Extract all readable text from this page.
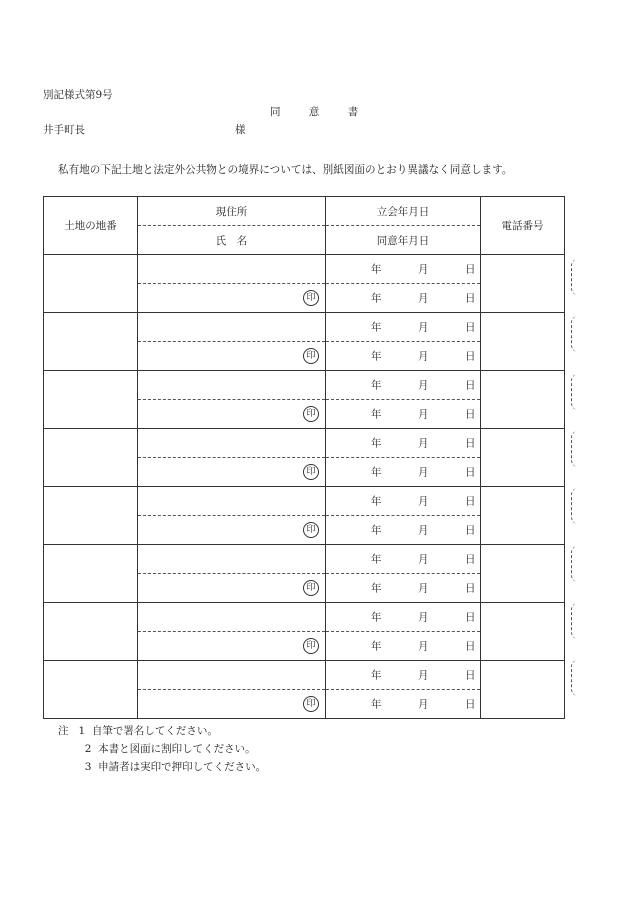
別記様式第9号
同	意	書
井手町長	様
私有地の下記土地と法定外公共物との境界については、別紙図面のとおり異議なく同意します。
土地の地番	現住所	立会年月日	電話番号
	氏　名	同意年月日	

		年 月 日	

	印	年 月 日	

		年 月 日	

	印	年 月 日	

		年 月 日	

	印	年 月 日	

		年 月 日	

	印	年 月 日	

		年 月 日	

	印	年 月 日	

		年 月 日	

	印	年 月 日	

		年 月 日	

	印	年 月 日	

		年 月 日	

	印	年 月 日	
注 1 自筆で署名してください。
2 本書と図面に割印してください。
3 申請者は実印で押印してください。
